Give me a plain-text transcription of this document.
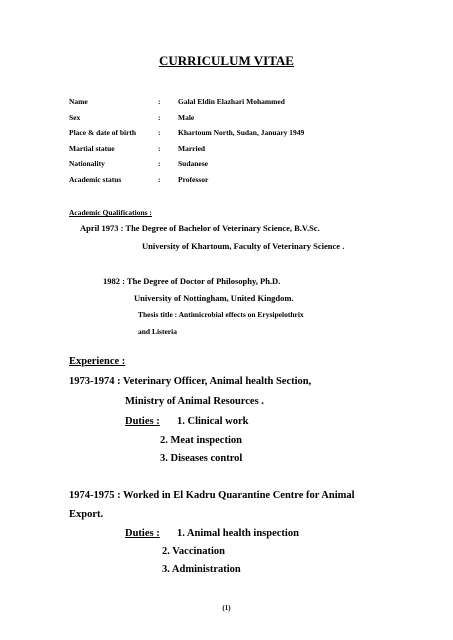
CURRICULUM VITAE
Name	: Galal Eldin Elazhari Mohammed
Sex	: Male
Place & date of birth	: Khartoum North, Sudan, January 1949
Martial statue	: Married
Nationality	: Sudanese
Academic status	: Professor
Academic Qualifications :
April 1973 : The Degree of Bachelor of Veterinary Science, B.V.Sc.
University of Khartoum, Faculty of Veterinary Science .
1982 : The Degree of Doctor of Philosophy, Ph.D.
University of Nottingham, United Kingdom.
Thesis title : Antimicrobial effects on Erysipelothrix
and Listeria
Experience :
1973-1974 : Veterinary Officer, Animal health Section,
Ministry of Animal Resources .
Duties : 1. Clinical work
2. Meat inspection
3. Diseases control
1974-1975 : Worked in El Kadru Quarantine Centre for Animal
Export.
Duties : 1. Animal health inspection
2. Vaccination
3. Administration
(1)
